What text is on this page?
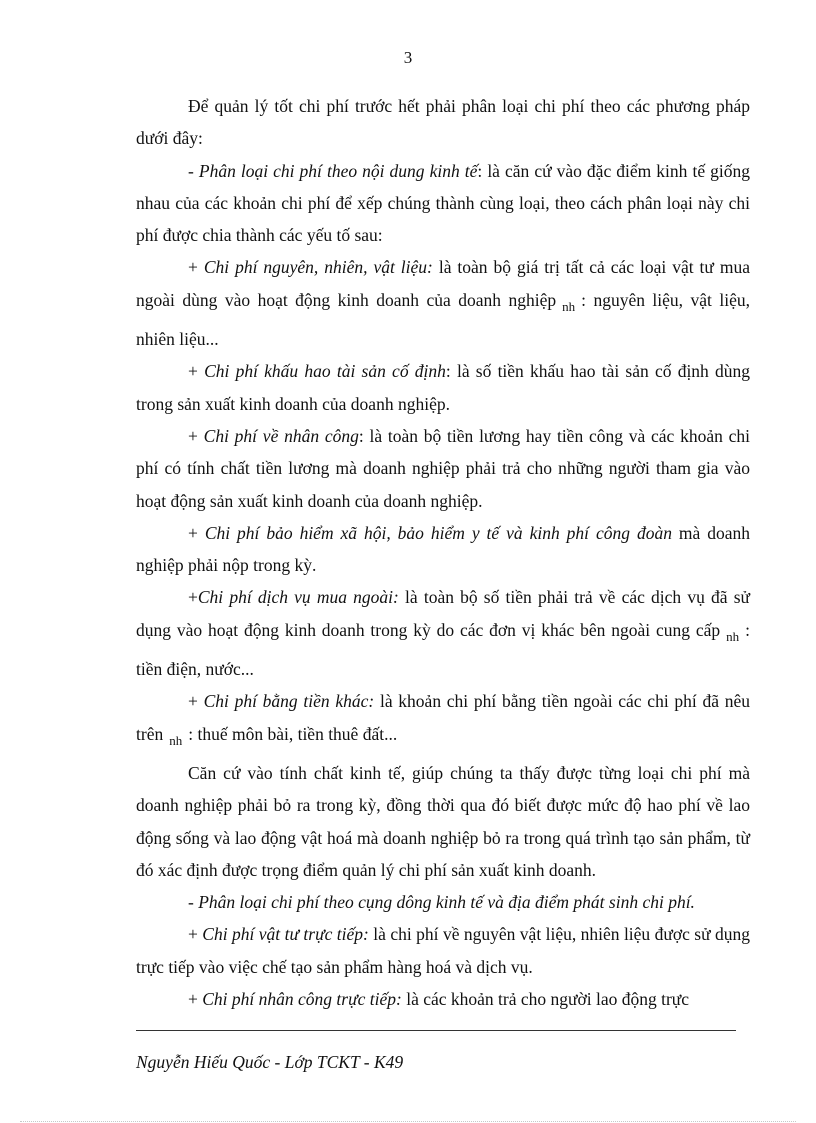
3

Để quản lý tốt chi phí trước hết phải phân loại chi phí theo các phương pháp dưới đây:

- Phân loại chi phí theo nội dung kinh tế: là căn cứ vào đặc điểm kinh tế giống nhau của các khoản chi phí để xếp chúng thành cùng loại, theo cách phân loại này chi phí được chia thành các yếu tố sau:

+ Chi phí nguyên, nhiên, vật liệu: là toàn bộ giá trị tất cả các loại vật tư mua ngoài dùng vào hoạt động kinh doanh của doanh nghiệp $_{nh}$ : nguyên liệu, vật liệu, nhiên liệu...

+ Chi phí khấu hao tài sản cố định: là số tiền khấu hao tài sản cố định dùng trong sản xuất kinh doanh của doanh nghiệp.

+ Chi phí về nhân công: là toàn bộ tiền lương hay tiền công và các khoản chi phí có tính chất tiền lương mà doanh nghiệp phải trả cho những người tham gia vào hoạt động sản xuất kinh doanh của doanh nghiệp.

+ Chi phí bảo hiểm xã hội, bảo hiểm y tế và kinh phí công đoàn mà doanh nghiệp phải nộp trong kỳ.

+Chi phí dịch vụ mua ngoài: là toàn bộ số tiền phải trả về các dịch vụ đã sử dụng vào hoạt động kinh doanh trong kỳ do các đơn vị khác bên ngoài cung cấp $_{nh}$ : tiền điện, nước...

+ Chi phí bằng tiền khác: là khoản chi phí bằng tiền ngoài các chi phí đã nêu trên $_{nh}$ : thuế môn bài, tiền thuê đất...

Căn cứ vào tính chất kinh tế, giúp chúng ta thấy được từng loại chi phí mà doanh nghiệp phải bỏ ra trong kỳ, đồng thời qua đó biết được mức độ hao phí về lao động sống và lao động vật hoá mà doanh nghiệp bỏ ra trong quá trình tạo sản phẩm, từ đó xác định được trọng điểm quản lý chi phí sản xuất kinh doanh.

- Phân loại chi phí theo cụng dông kinh tế và địa điểm phát sinh chi phí.

+ Chi phí vật tư trực tiếp: là chi phí về nguyên vật liệu, nhiên liệu được sử dụng trực tiếp vào việc chế tạo sản phẩm hàng hoá và dịch vụ.

+ Chi phí nhân công trực tiếp: là các khoản trả cho người lao động trực

Nguyễn Hiếu Quốc - Lớp TCKT - K49
